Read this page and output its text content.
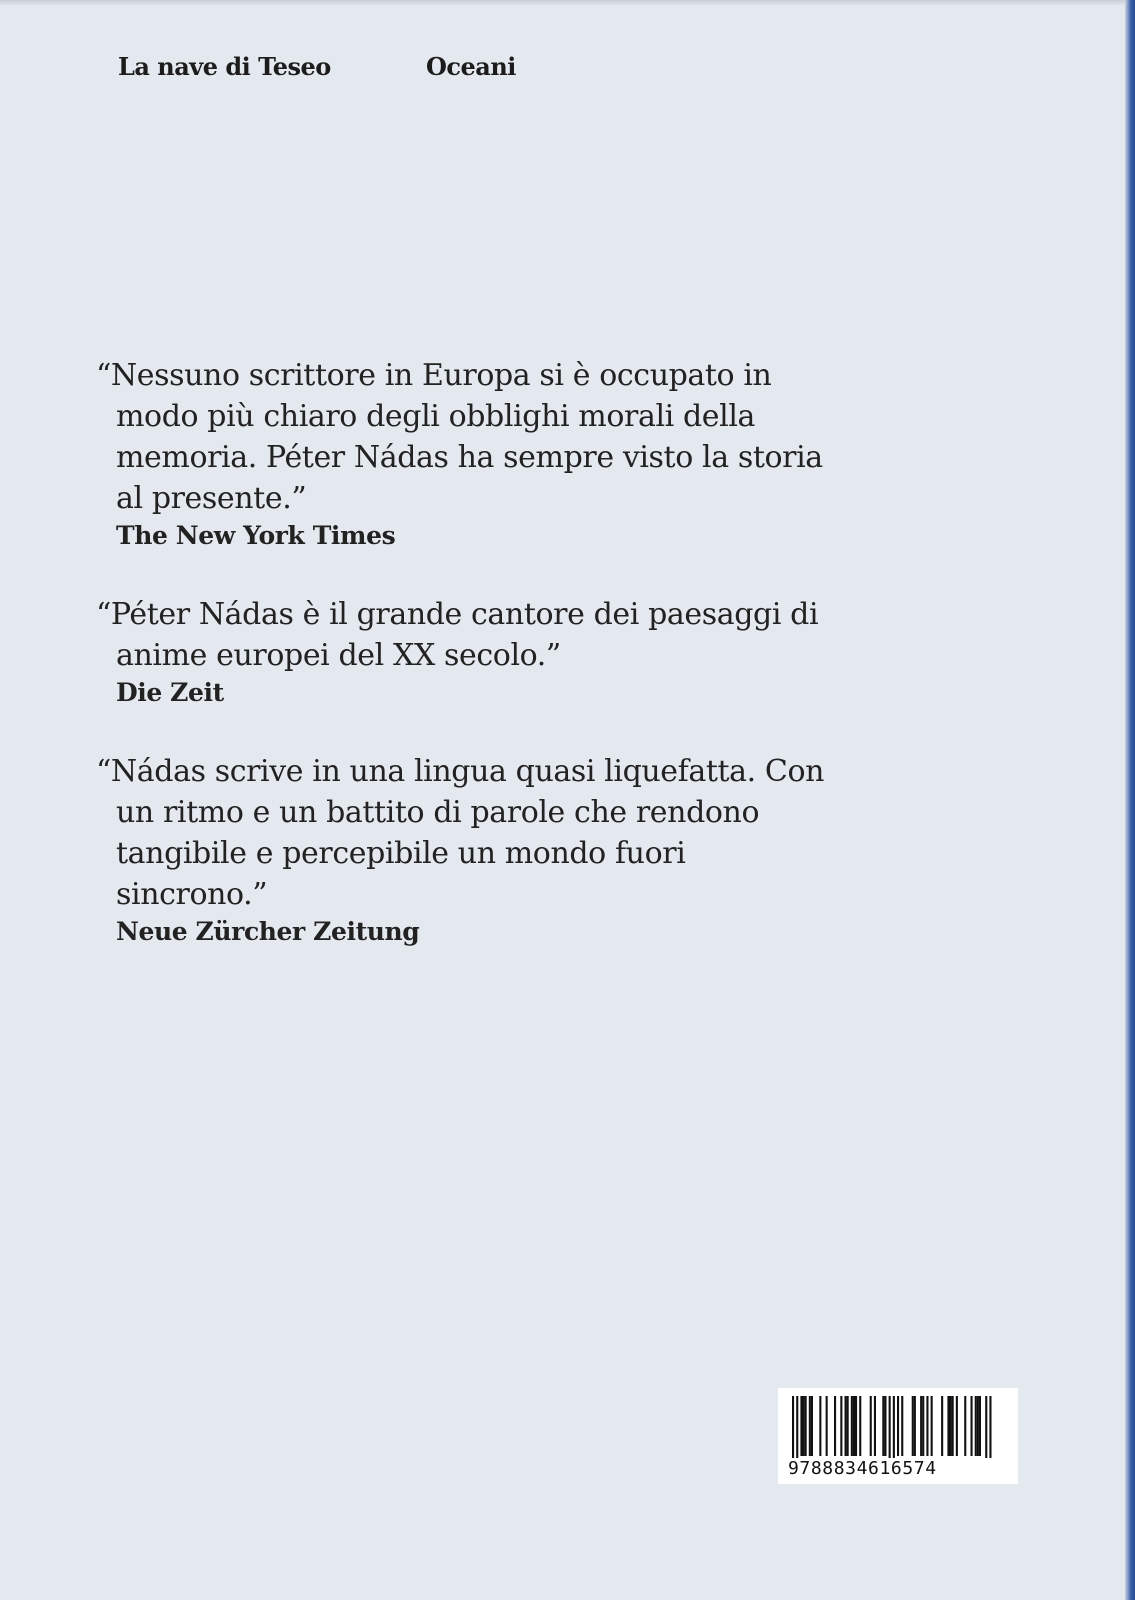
La nave di Teseo	Oceani
“Nessuno scrittore in Europa si è occupato in modo più chiaro degli obblighi morali della memoria. Péter Nádas ha sempre visto la storia al presente.”
The New York Times
“Péter Nádas è il grande cantore dei paesaggi di anime europei del XX secolo.”
Die Zeit
“Nádas scrive in una lingua quasi liquefatta. Con un ritmo e un battito di parole che rendono tangibile e percepibile un mondo fuori sincrono.”
Neue Zürcher Zeitung
9788834616574
